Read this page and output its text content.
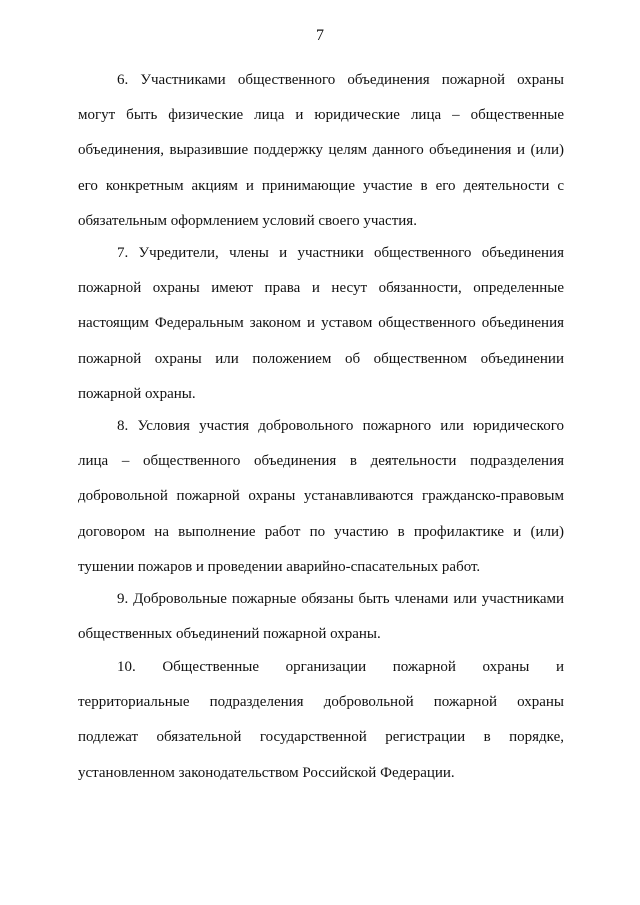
7
6. Участниками общественного объединения пожарной охраны
могут быть физические лица и юридические лица – общественные
объединения, выразившие поддержку целям данного объединения и (или)
его конкретным акциям и принимающие участие в его деятельности с
обязательным оформлением условий своего участия.
7. Учредители, члены и участники общественного объединения
пожарной охраны имеют права и несут обязанности, определенные
настоящим Федеральным законом и уставом общественного объединения
пожарной охраны или положением об общественном объединении
пожарной охраны.
8. Условия участия добровольного пожарного или юридического
лица – общественного объединения в деятельности подразделения
добровольной пожарной охраны устанавливаются гражданско-правовым
договором на выполнение работ по участию в профилактике и (или)
тушении пожаров и проведении аварийно-спасательных работ.
9. Добровольные пожарные обязаны быть членами или участниками
общественных объединений пожарной охраны.
10. Общественные организации пожарной охраны и
территориальные подразделения добровольной пожарной охраны
подлежат обязательной государственной регистрации в порядке,
установленном законодательством Российской Федерации.
